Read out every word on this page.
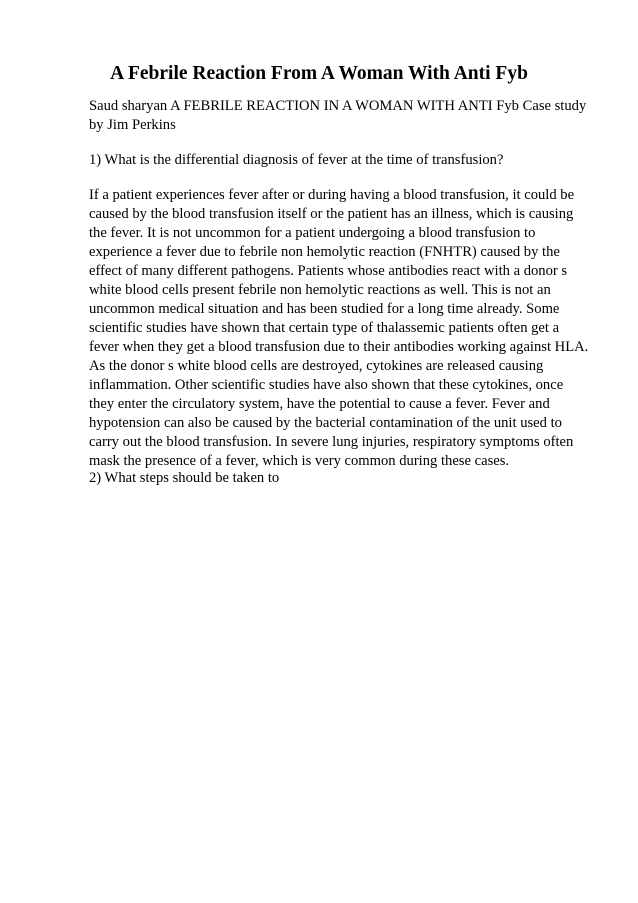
A Febrile Reaction From A Woman With Anti Fyb

Saud sharyan A FEBRILE REACTION IN A WOMAN WITH ANTI Fyb Case study
by Jim Perkins

1) What is the differential diagnosis of fever at the time of transfusion?

If a patient experiences fever after or during having a blood transfusion, it could be
caused by the blood transfusion itself or the patient has an illness, which is causing
the fever. It is not uncommon for a patient undergoing a blood transfusion to
experience a fever due to febrile non hemolytic reaction (FNHTR) caused by the
effect of many different pathogens. Patients whose antibodies react with a donor s
white blood cells present febrile non hemolytic reactions as well. This is not an
uncommon medical situation and has been studied for a long time already. Some
scientific studies have shown that certain type of thalassemic patients often get a
fever when they get a blood transfusion due to their antibodies working against HLA.
As the donor s white blood cells are destroyed, cytokines are released causing
inflammation. Other scientific studies have also shown that these cytokines, once
they enter the circulatory system, have the potential to cause a fever. Fever and
hypotension can also be caused by the bacterial contamination of the unit used to
carry out the blood transfusion. In severe lung injuries, respiratory symptoms often
mask the presence of a fever, which is very common during these cases.

2) What steps should be taken to
